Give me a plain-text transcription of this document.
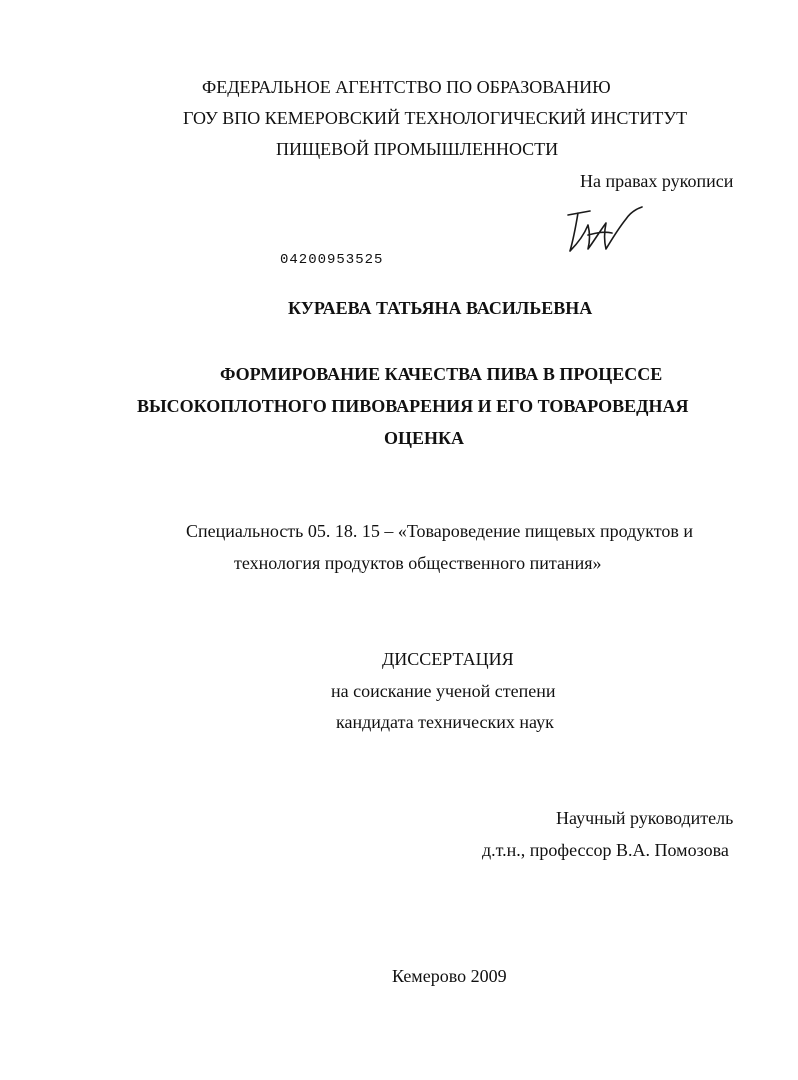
ФЕДЕРАЛЬНОЕ АГЕНТСТВО ПО ОБРАЗОВАНИЮ
ГОУ ВПО КЕМЕРОВСКИЙ ТЕХНОЛОГИЧЕСКИЙ ИНСТИТУТ
ПИЩЕВОЙ ПРОМЫШЛЕННОСТИ
На правах рукописи
04200953525
КУРАЕВА ТАТЬЯНА ВАСИЛЬЕВНА
ФОРМИРОВАНИЕ КАЧЕСТВА ПИВА В ПРОЦЕССЕ
ВЫСОКОПЛОТНОГО ПИВОВАРЕНИЯ И ЕГО ТОВАРОВЕДНАЯ
ОЦЕНКА
Специальность 05. 18. 15 – «Товароведение пищевых продуктов и
технология продуктов общественного питания»
ДИССЕРТАЦИЯ
на соискание ученой степени
кандидата технических наук
Научный руководитель
д.т.н., профессор В.А. Помозова
Кемерово 2009
